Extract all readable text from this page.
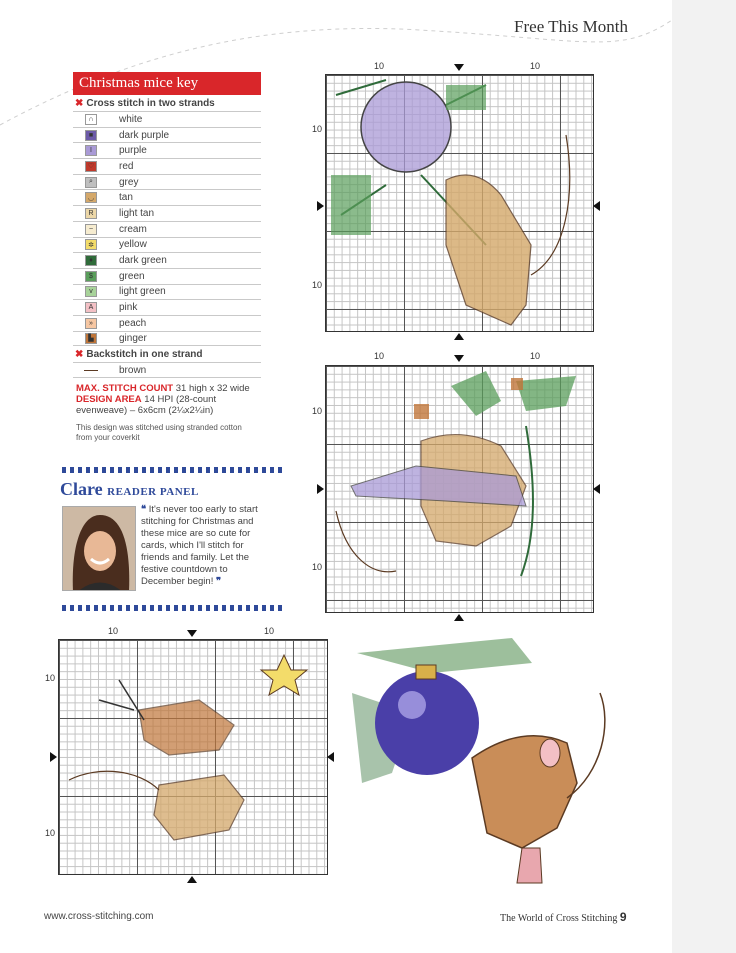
Free This Month
Christmas mice key
✖ Cross stitch in two strands
∩	white
■	dark purple
I	purple
♡ red
⌕	grey
◡ tan
R	light tan
~	cream
✲	yellow
♦	dark green
$	green
v	light green
A	pink
»	peach
▙	ginger
✖ Backstitch in one strand
brown
MAX. STITCH COUNT 31 high x 32 wide
DESIGN AREA 14 HPI (28-count evenweave) – 6x6cm (2¼x2¼in)
This design was stitched using stranded cotton from your coverkit
Clare READER PANEL
❝ It's never too early to start stitching for Christmas and these mice are so cute for cards, which I'll stitch for friends and family. Let the festive countdown to December begin! ❞
10	10
10
10
10	10
10
10
10	10
10
10
www.cross-stitching.com	The World of Cross Stitching 9
